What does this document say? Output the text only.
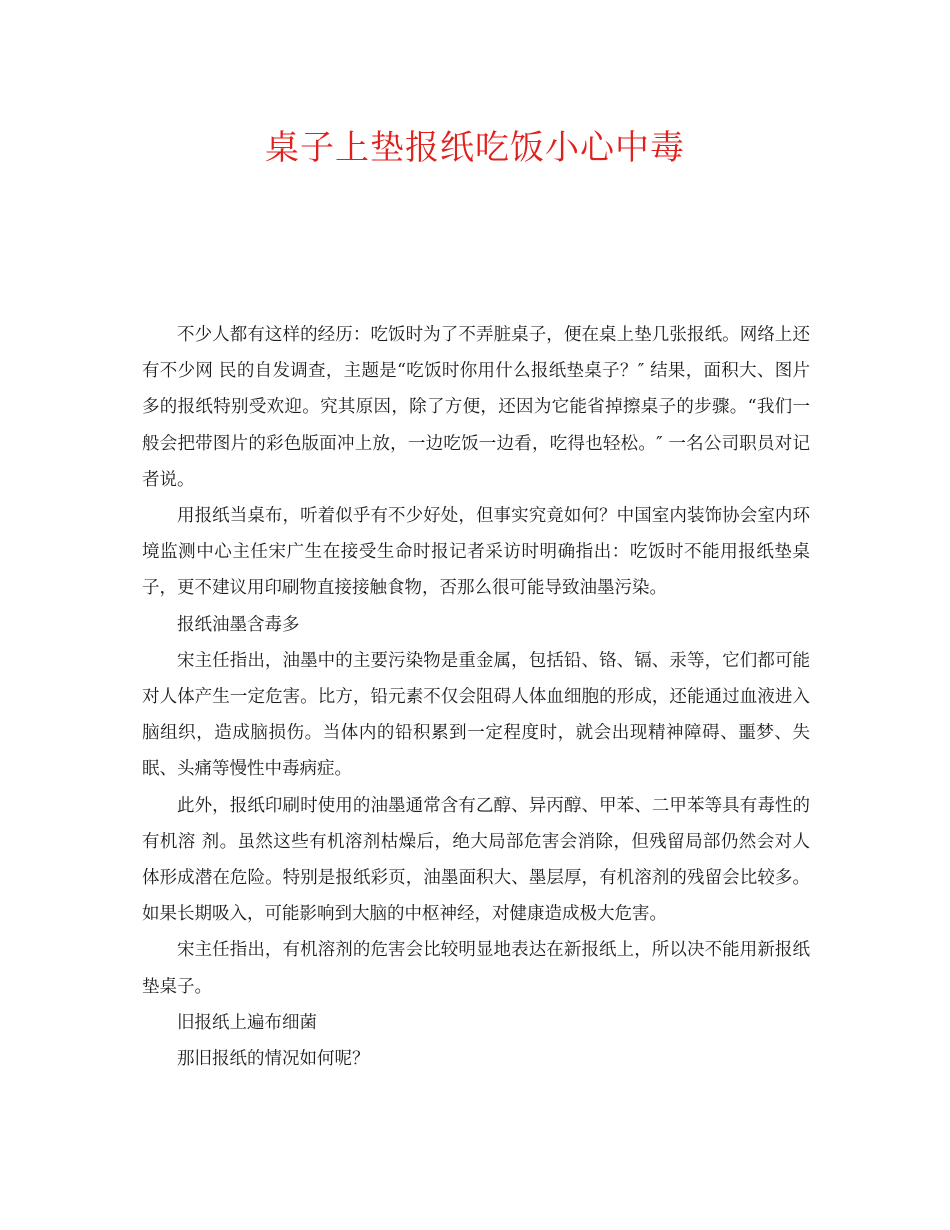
桌子上垫报纸吃饭小心中毒

不少人都有这样的经历：吃饭时为了不弄脏桌子，便在桌上垫几张报纸。网络上还有不少网 民的自发调查，主题是“吃饭时你用什么报纸垫桌子？″ 结果，面积大、图片多的报纸特别受欢迎。究其原因，除了方便，还因为它能省掉擦桌子的步骤。“我们一 般会把带图片的彩色版面冲上放，一边吃饭一边看，吃得也轻松。″ 一名公司职员对记者说。

用报纸当桌布，听着似乎有不少好处，但事实究竟如何？中国室内装饰协会室内环境监测中心主任宋广生在接受生命时报记者采访时明确指出：吃饭时不能用报纸垫桌子，更不建议用印刷物直接接触食物，否那么很可能导致油墨污染。

报纸油墨含毒多

宋主任指出，油墨中的主要污染物是重金属，包括铅、铬、镉、汞等，它们都可能对人体产生一定危害。比方，铅元素不仅会阻碍人体血细胞的形成，还能通过血液进入脑组织，造成脑损伤。当体内的铅积累到一定程度时，就会出现精神障碍、噩梦、失眠、头痛等慢性中毒病症。

此外，报纸印刷时使用的油墨通常含有乙醇、异丙醇、甲苯、二甲苯等具有毒性的有机溶 剂。虽然这些有机溶剂枯燥后，绝大局部危害会消除，但残留局部仍然会对人体形成潜在危险。特别是报纸彩页，油墨面积大、墨层厚，有机溶剂的残留会比较多。 如果长期吸入，可能影响到大脑的中枢神经，对健康造成极大危害。

宋主任指出，有机溶剂的危害会比较明显地表达在新报纸上，所以决不能用新报纸垫桌子。

旧报纸上遍布细菌

那旧报纸的情况如何呢？
